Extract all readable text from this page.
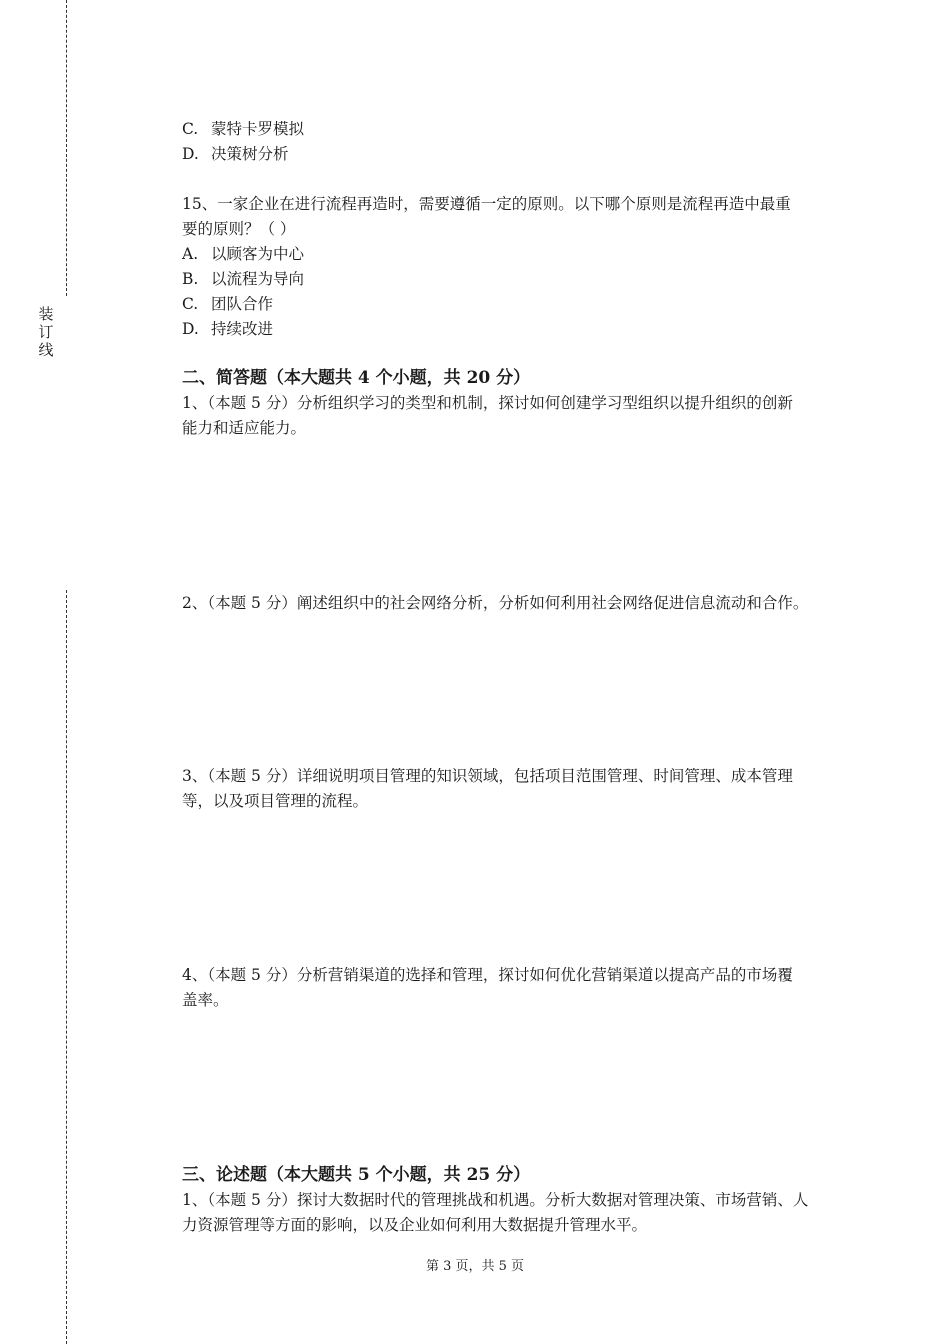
装
订
线
C. 蒙特卡罗模拟
D. 决策树分析
15、一家企业在进行流程再造时，需要遵循一定的原则。以下哪个原则是流程再造中最重
要的原则？（ ）
A. 以顾客为中心
B. 以流程为导向
C. 团队合作
D. 持续改进
二、简答题（本大题共 4 个小题，共 20 分）
1、（本题 5 分）分析组织学习的类型和机制，探讨如何创建学习型组织以提升组织的创新
能力和适应能力。
2、（本题 5 分）阐述组织中的社会网络分析，分析如何利用社会网络促进信息流动和合作。
3、（本题 5 分）详细说明项目管理的知识领域，包括项目范围管理、时间管理、成本管理
等，以及项目管理的流程。
4、（本题 5 分）分析营销渠道的选择和管理，探讨如何优化营销渠道以提高产品的市场覆
盖率。
三、论述题（本大题共 5 个小题，共 25 分）
1、（本题 5 分）探讨大数据时代的管理挑战和机遇。分析大数据对管理决策、市场营销、人
力资源管理等方面的影响，以及企业如何利用大数据提升管理水平。
第 3 页，共 5 页
